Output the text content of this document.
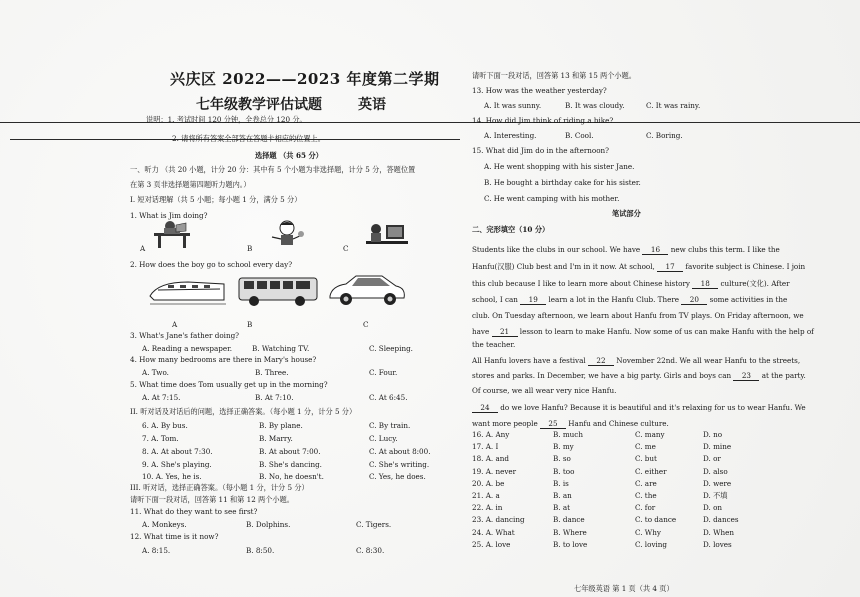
兴庆区 2022——2023 年度第二学期
七年级教学评估试题	英语
说明：1. 考试时间 120 分钟，全卷总分 120 分。
2. 请将所有答案全部答在答题卡相应的位置上。
选择题 （共 65 分）
一、听力 （共 20 小题，计分 20 分：其中有 5 个小题为非选择题，计分 5 分，答题位置
在第 3 页非选择题第四题听力题内。）
I. 短对话理解（共 5 小题；每小题 1 分，满分 5 分）
1. What is Jim doing?
A	B	C
2. How does the boy go to school every day?
A	B	C
3. What's Jane's father doing?
A. Reading a newspaper.	B. Watching TV.	C. Sleeping.
4. How many bedrooms are there in Mary's house?
A. Two.	B. Three.	C. Four.
5. What time does Tom usually get up in the morning?
A. At 7:15.	B. At 7:10.	C. At 6:45.
II. 听对话及对话后的问题，选择正确答案。（每小题 1 分，计分 5 分）
6. A. By bus.	B. By plane.	C. By train.
7. A. Tom.	B. Marry.	C. Lucy.
8. A. At about 7:30.	B. At about 7:00.	C. At about 8:00.
9. A. She's playing.	B. She's dancing.	C. She's writing.
10. A. Yes, he is.	B. No, he doesn't.	C. Yes, he does.
III. 听对话，选择正确答案。（每小题 1 分，计分 5 分）
请听下面一段对话，回答第 11 和第 12 两个小题。
11. What do they want to see first?
A. Monkeys.	B. Dolphins.	C. Tigers.
12. What time is it now?
A. 8:15.	B. 8:50.	C. 8:30.
请听下面一段对话，回答第 13 和第 15 两个小题。
13. How was the weather yesterday?
A. It was sunny.	B. It was cloudy.	C. It was rainy.
14. How did Jim think of riding a bike?
A. Interesting.	B. Cool.	C. Boring.
15. What did Jim do in the afternoon?
A. He went shopping with his sister Jane.
B. He bought a birthday cake for his sister.
C. He went camping with his mother.
笔试部分
二、完形填空（10 分）
Students like the clubs in our school. We have 16 new clubs this term. I like the
Hanfu(汉服) Club best and I'm in it now. At school, 17 favorite subject is Chinese. I join
this club because I like to learn more about Chinese history 18 culture(文化). After
school, I can 19 learn a lot in the Hanfu Club. There 20 some activities in the
club. On Tuesday afternoon, we learn about Hanfu from TV plays. On Friday afternoon, we
have 21 lesson to learn to make Hanfu. Now some of us can make Hanfu with the help of
the teacher.
All Hanfu lovers have a festival 22 November 22nd. We all wear Hanfu to the streets,
stores and parks. In December, we have a big party. Girls and boys can 23 at the party.
Of course, we all wear very nice Hanfu.
24 do we love Hanfu? Because it is beautiful and it's relaxing for us to wear Hanfu. We
want more people 25 Hanfu and Chinese culture.
16. A. Any	B. much	C. many	D. no
17. A. I	B. my	C. me	D. mine
18. A. and	B. so	C. but	D. or
19. A. never	B. too	C. either	D. also
20. A. be	B. is	C. are	D. were
21. A. a	B. an	C. the	D. 不填
22. A. in	B. at	C. for	D. on
23. A. dancing	B. dance	C. to dance	D. dances
24. A. What	B. Where	C. Why	D. When
25. A. love	B. to love	C. loving	D. loves
七年级英语 第 1 页（共 4 页）
